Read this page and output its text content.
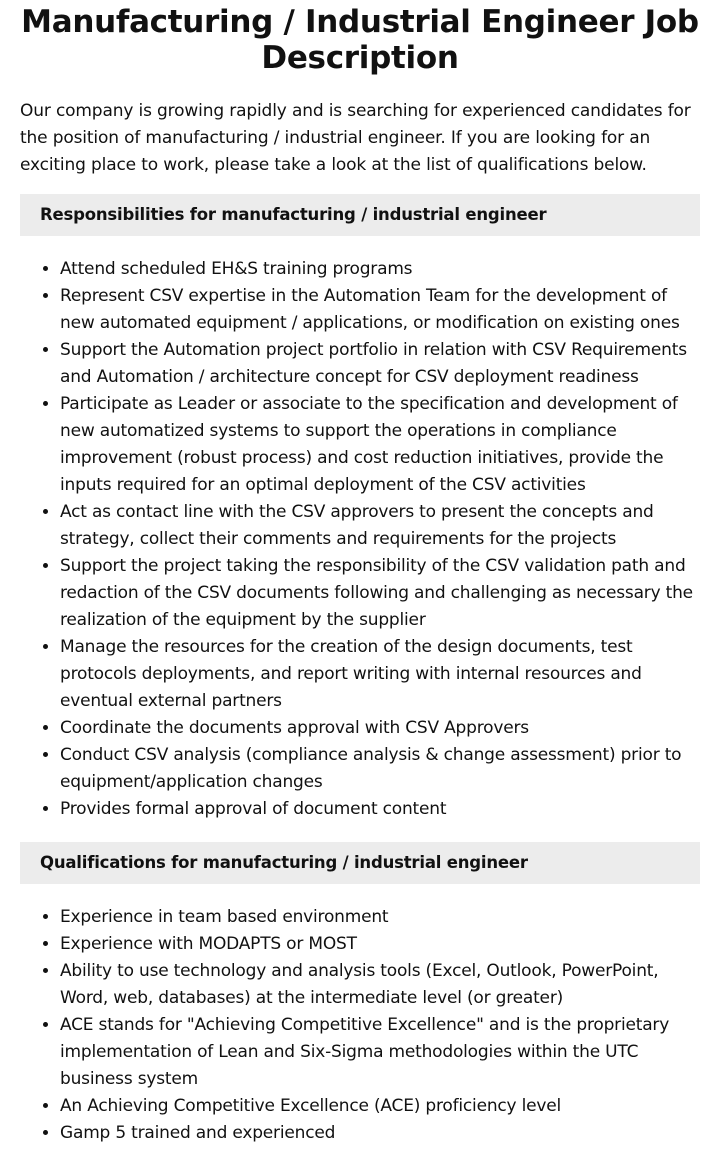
Manufacturing / Industrial Engineer Job Description

Our company is growing rapidly and is searching for experienced candidates for the position of manufacturing / industrial engineer. If you are looking for an exciting place to work, please take a look at the list of qualifications below.

Responsibilities for manufacturing / industrial engineer
• Attend scheduled EH&S training programs
• Represent CSV expertise in the Automation Team for the development of new automated equipment / applications, or modification on existing ones
• Support the Automation project portfolio in relation with CSV Requirements and Automation / architecture concept for CSV deployment readiness
• Participate as Leader or associate to the specification and development of new automatized systems to support the operations in compliance improvement (robust process) and cost reduction initiatives, provide the inputs required for an optimal deployment of the CSV activities
• Act as contact line with the CSV approvers to present the concepts and strategy, collect their comments and requirements for the projects
• Support the project taking the responsibility of the CSV validation path and redaction of the CSV documents following and challenging as necessary the realization of the equipment by the supplier
• Manage the resources for the creation of the design documents, test protocols deployments, and report writing with internal resources and eventual external partners
• Coordinate the documents approval with CSV Approvers
• Conduct CSV analysis (compliance analysis & change assessment) prior to equipment/application changes
• Provides formal approval of document content
Qualifications for manufacturing / industrial engineer
• Experience in team based environment
• Experience with MODAPTS or MOST
• Ability to use technology and analysis tools (Excel, Outlook, PowerPoint, Word, web, databases) at the intermediate level (or greater)
• ACE stands for "Achieving Competitive Excellence" and is the proprietary implementation of Lean and Six-Sigma methodologies within the UTC business system
• An Achieving Competitive Excellence (ACE) proficiency level
• Gamp 5 trained and experienced
